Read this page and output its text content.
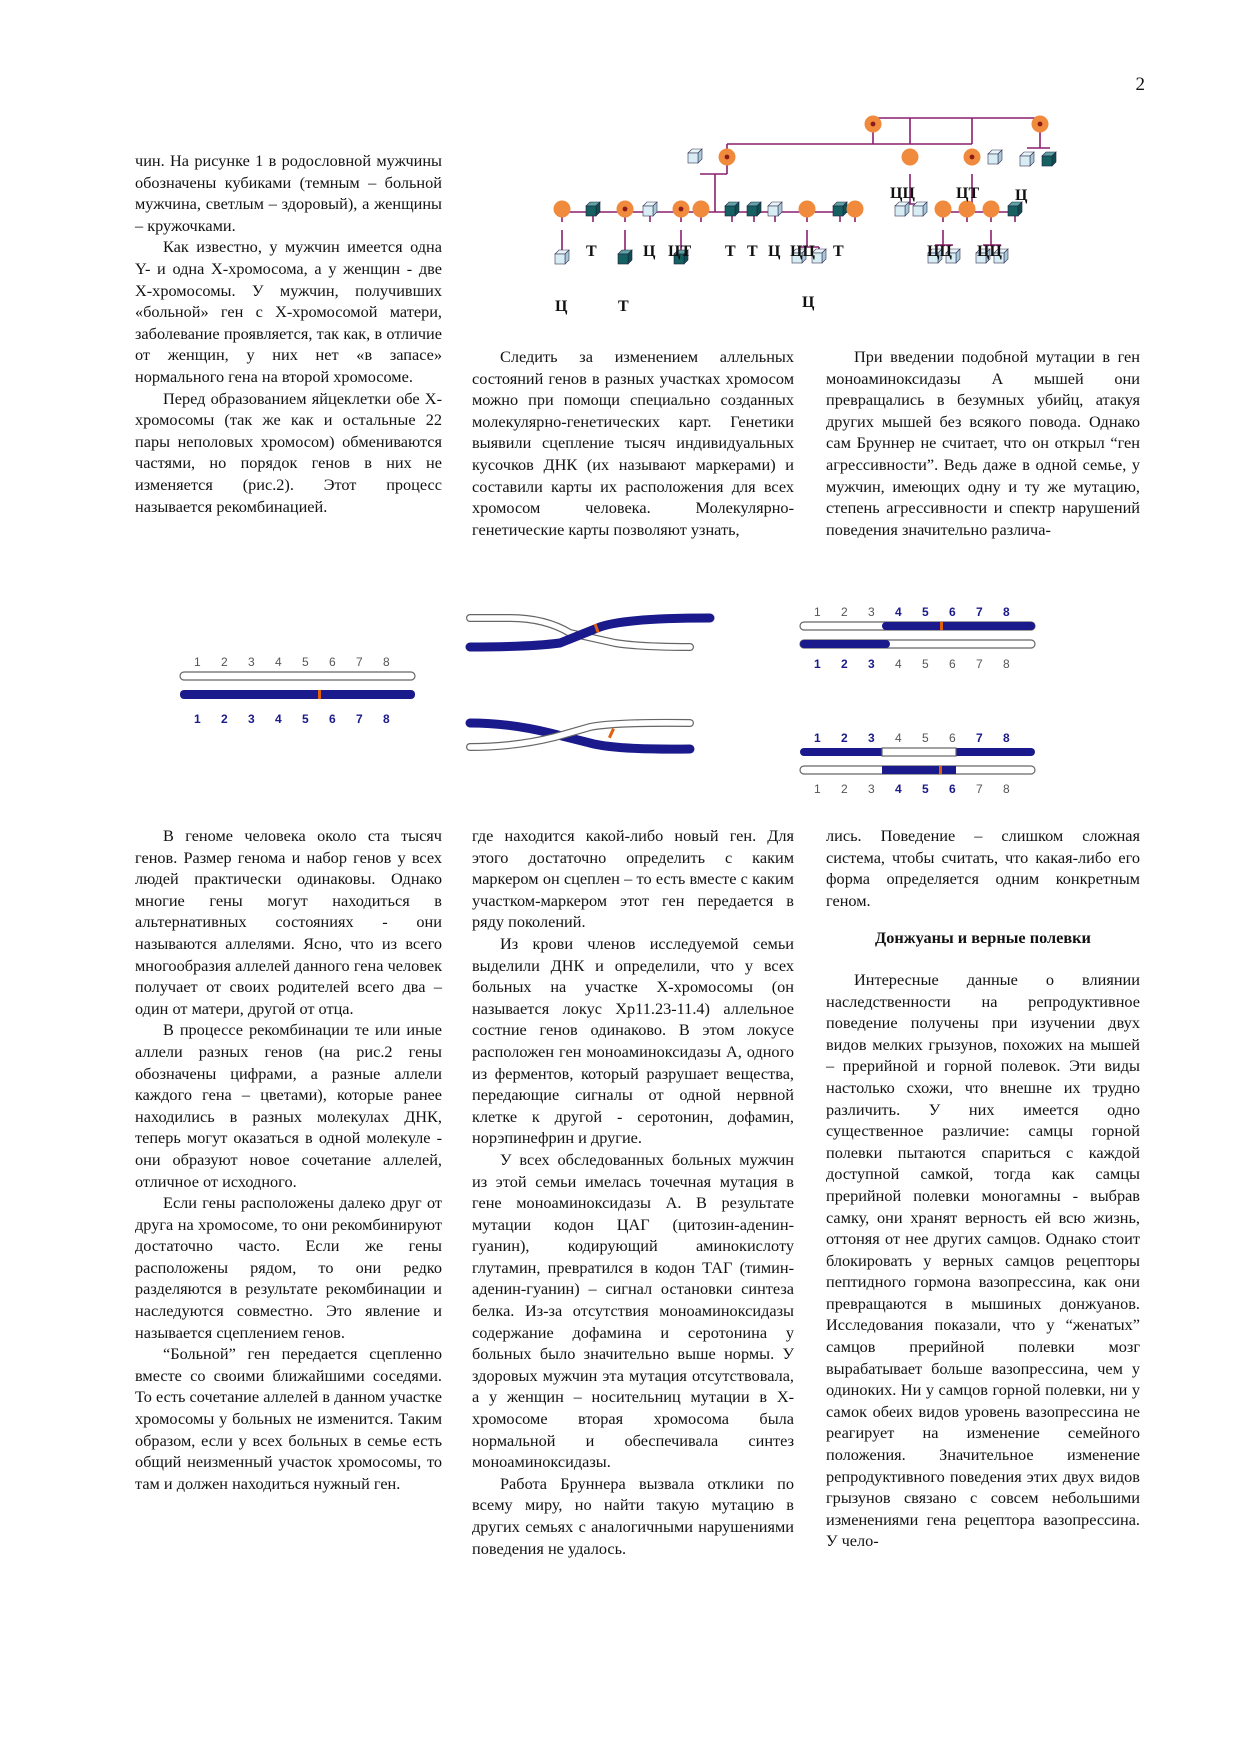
2
ЦЦ	ЦТ Ц
Т	Ц ЦТ Т Т Ц ЦЦ Т	ЦЦ ЦЦ
Ц	Т	Ц

чин. На рисунке 1 в родословной мужчины обозначены кубиками (темным – больной мужчина, светлым – здоровый), а женщины – кружочками.

Как известно, у мужчин имеется одна Y- и одна X-хромосома, а у женщин - две X-хромосомы. У мужчин, получивших «больной» ген с X-хромосомой матери, заболевание проявляется, так как, в отличие от женщин, у них нет «в запасе» нормального гена на второй хромосоме.

Перед образованием яйцеклетки обе X-хромосомы (так же как и остальные 22 пары неполовых хромосом) обмениваются частями, но порядок генов в них не изменяется (рис.2). Этот процесс называется рекомбинацией.

Следить за изменением аллельных состояний генов в разных участках хромосом можно при помощи специально созданных молекулярно-генетических карт. Генетики выявили сцепление тысяч индивидуальных кусочков ДНК (их называют маркерами) и составили карты их расположения для всех хромосом человека. Молекулярно-генетические карты позволяют узнать,

При введении подобной мутации в ген моноаминоксидазы А мышей они превращались в безумных убийц, атакуя других мышей без всякого повода. Однако сам Бруннер не считает, что он открыл “ген агрессивности”. Ведь даже в одной семье, у мужчин, имеющих одну и ту же мутацию, степень агрессивности и спектр нарушений поведения значительно различа-

1 2 3 4 5 6 7 8
1 2 3 4 5 6 7 8
1 2 3 4 5 6 7 8
1 2 3 4 5 6 7 8
1 2 3 4 5 6 7 8
1 2 3 4 5 6 7 8

В геноме человека около ста тысяч генов. Размер генома и набор генов у всех людей практически одинаковы. Однако многие гены могут находиться в альтернативных состояниях - они называются аллелями. Ясно, что из всего многообразия аллелей данного гена человек получает от своих родителей всего два – один от матери, другой от отца.

В процессе рекомбинации те или иные аллели разных генов (на рис.2 гены обозначены цифрами, а разные аллели каждого гена – цветами), которые ранее находились в разных молекулах ДНК, теперь могут оказаться в одной молекуле - они образуют новое сочетание аллелей, отличное от исходного.

Если гены расположены далеко друг от друга на хромосоме, то они рекомбинируют достаточно часто. Если же гены расположены рядом, то они редко разделяются в результате рекомбинации и наследуются совместно. Это явление и называется сцеплением генов.

“Больной” ген передается сцепленно вместе со своими ближайшими соседями. То есть сочетание аллелей в данном участке хромосомы у больных не изменится. Таким образом, если у всех больных в семье есть общий неизменный участок хромосомы, то там и должен находиться нужный ген.

где находится какой-либо новый ген. Для этого достаточно определить с каким маркером он сцеплен – то есть вместе с каким участком-маркером этот ген передается в ряду поколений.

Из крови членов исследуемой семьи выделили ДНК и определили, что у всех больных на участке X-хромосомы (он называется локус Xp11.23-11.4) аллельное состние генов одинаково. В этом локусе расположен ген моноаминоксидазы А, одного из ферментов, который разрушает вещества, передающие сигналы от одной нервной клетке к другой - серотонин, дофамин, норэпинефрин и другие.

У всех обследованных больных мужчин из этой семьи имелась точечная мутация в гене моноаминоксидазы А. В результате мутации кодон ЦАГ (цитозин-аденин-гуанин), кодирующий аминокислоту глутамин, превратился в кодон ТАГ (тимин-аденин-гуанин) – сигнал остановки синтеза белка. Из-за отсутствия моноаминоксидазы содержание дофамина и серотонина у больных было значительно выше нормы. У здоровых мужчин эта мутация отсутствовала, а у женщин – носительниц мутации в X-хромосоме вторая хромосома была нормальной и обеспечивала синтез моноаминоксидазы.

Работа Бруннера вызвала отклики по всему миру, но найти такую мутацию в других семьях с аналогичными нарушениями поведения не удалось.

лись. Поведение – слишком сложная система, чтобы считать, что какая-либо его форма определяется одним конкретным геном.

Донжуаны и верные полевки

Интересные данные о влиянии наследственности на репродуктивное поведение получены при изучении двух видов мелких грызунов, похожих на мышей – прерийной и горной полевок. Эти виды настолько схожи, что внешне их трудно различить. У них имеется одно существенное различие: самцы горной полевки пытаются спариться с каждой доступной самкой, тогда как самцы прерийной полевки моногамны - выбрав самку, они хранят верность ей всю жизнь, оттоняя от нее других самцов. Однако стоит блокировать у верных самцов рецепторы пептидного гормона вазопрессина, как они превращаются в мышиных донжуанов. Исследования показали, что у “женатых” самцов прерийной полевки мозг вырабатывает больше вазопрессина, чем у одиноких. Ни у самцов горной полевки, ни у самок обеих видов уровень вазопрессина не реагирует на изменение семейного положения. Значительное изменение репродуктивного поведения этих двух видов грызунов связано с совсем небольшими изменениями гена рецептора вазопрессина. У чело-
